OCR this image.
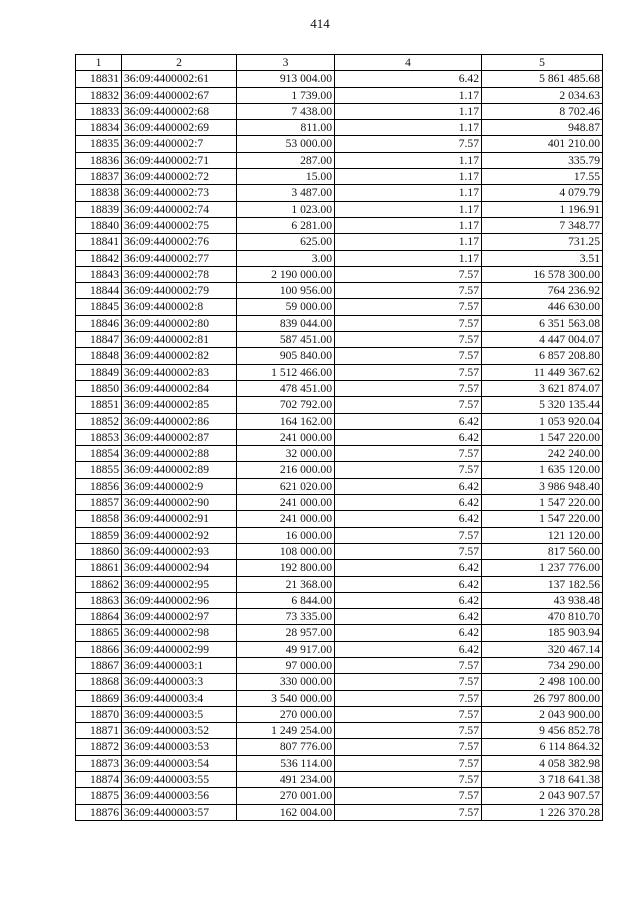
414
1	2	3	4	5
18831	36:09:4400002:61	913 004.00	6.42	5 861 485.68
18832	36:09:4400002:67	1 739.00	1.17	2 034.63
18833	36:09:4400002:68	7 438.00	1.17	8 702.46
18834	36:09:4400002:69	811.00	1.17	948.87
18835	36:09:4400002:7	53 000.00	7.57	401 210.00
18836	36:09:4400002:71	287.00	1.17	335.79
18837	36:09:4400002:72	15.00	1.17	17.55
18838	36:09:4400002:73	3 487.00	1.17	4 079.79
18839	36:09:4400002:74	1 023.00	1.17	1 196.91
18840	36:09:4400002:75	6 281.00	1.17	7 348.77
18841	36:09:4400002:76	625.00	1.17	731.25
18842	36:09:4400002:77	3.00	1.17	3.51
18843	36:09:4400002:78	2 190 000.00	7.57	16 578 300.00
18844	36:09:4400002:79	100 956.00	7.57	764 236.92
18845	36:09:4400002:8	59 000.00	7.57	446 630.00
18846	36:09:4400002:80	839 044.00	7.57	6 351 563.08
18847	36:09:4400002:81	587 451.00	7.57	4 447 004.07
18848	36:09:4400002:82	905 840.00	7.57	6 857 208.80
18849	36:09:4400002:83	1 512 466.00	7.57	11 449 367.62
18850	36:09:4400002:84	478 451.00	7.57	3 621 874.07
18851	36:09:4400002:85	702 792.00	7.57	5 320 135.44
18852	36:09:4400002:86	164 162.00	6.42	1 053 920.04
18853	36:09:4400002:87	241 000.00	6.42	1 547 220.00
18854	36:09:4400002:88	32 000.00	7.57	242 240.00
18855	36:09:4400002:89	216 000.00	7.57	1 635 120.00
18856	36:09:4400002:9	621 020.00	6.42	3 986 948.40
18857	36:09:4400002:90	241 000.00	6.42	1 547 220.00
18858	36:09:4400002:91	241 000.00	6.42	1 547 220.00
18859	36:09:4400002:92	16 000.00	7.57	121 120.00
18860	36:09:4400002:93	108 000.00	7.57	817 560.00
18861	36:09:4400002:94	192 800.00	6.42	1 237 776.00
18862	36:09:4400002:95	21 368.00	6.42	137 182.56
18863	36:09:4400002:96	6 844.00	6.42	43 938.48
18864	36:09:4400002:97	73 335.00	6.42	470 810.70
18865	36:09:4400002:98	28 957.00	6.42	185 903.94
18866	36:09:4400002:99	49 917.00	6.42	320 467.14
18867	36:09:4400003:1	97 000.00	7.57	734 290.00
18868	36:09:4400003:3	330 000.00	7.57	2 498 100.00
18869	36:09:4400003:4	3 540 000.00	7.57	26 797 800.00
18870	36:09:4400003:5	270 000.00	7.57	2 043 900.00
18871	36:09:4400003:52	1 249 254.00	7.57	9 456 852.78
18872	36:09:4400003:53	807 776.00	7.57	6 114 864.32
18873	36:09:4400003:54	536 114.00	7.57	4 058 382.98
18874	36:09:4400003:55	491 234.00	7.57	3 718 641.38
18875	36:09:4400003:56	270 001.00	7.57	2 043 907.57
18876	36:09:4400003:57	162 004.00	7.57	1 226 370.28
